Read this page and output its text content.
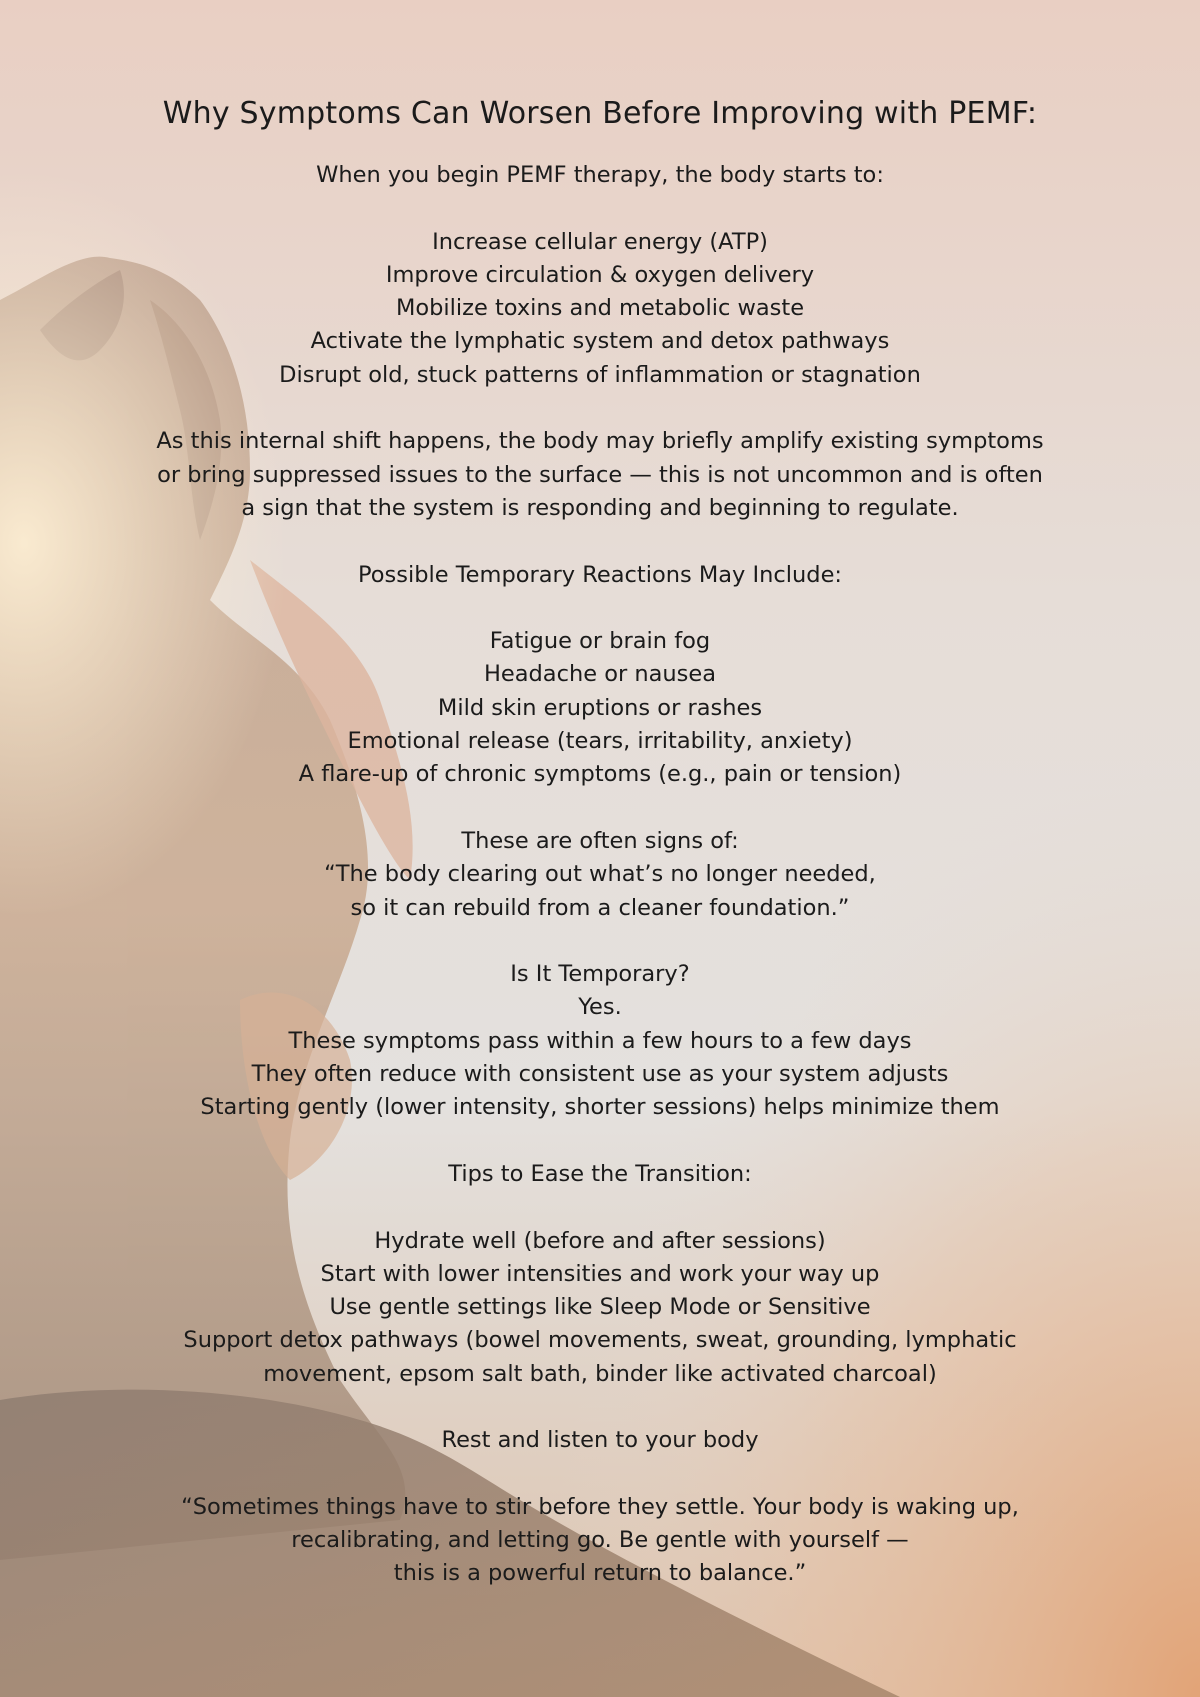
Why Symptoms Can Worsen Before Improving with PEMF:

When you begin PEMF therapy, the body starts to:

Increase cellular energy (ATP)

Improve circulation & oxygen delivery

Mobilize toxins and metabolic waste

Activate the lymphatic system and detox pathways

Disrupt old, stuck patterns of inflammation or stagnation

As this internal shift happens, the body may briefly amplify existing symptoms

or bring suppressed issues to the surface — this is not uncommon and is often

a sign that the system is responding and beginning to regulate.

Possible Temporary Reactions May Include:

Fatigue or brain fog

Headache or nausea

Mild skin eruptions or rashes

Emotional release (tears, irritability, anxiety)

A flare-up of chronic symptoms (e.g., pain or tension)

These are often signs of:

“The body clearing out what’s no longer needed,

so it can rebuild from a cleaner foundation.”

Is It Temporary?

Yes.

These symptoms pass within a few hours to a few days

They often reduce with consistent use as your system adjusts

Starting gently (lower intensity, shorter sessions) helps minimize them

Tips to Ease the Transition:

Hydrate well (before and after sessions)

Start with lower intensities and work your way up

Use gentle settings like Sleep Mode or Sensitive

Support detox pathways (bowel movements, sweat, grounding, lymphatic

movement, epsom salt bath, binder like activated charcoal)

Rest and listen to your body

“Sometimes things have to stir before they settle. Your body is waking up,

recalibrating, and letting go. Be gentle with yourself —

this is a powerful return to balance.”
